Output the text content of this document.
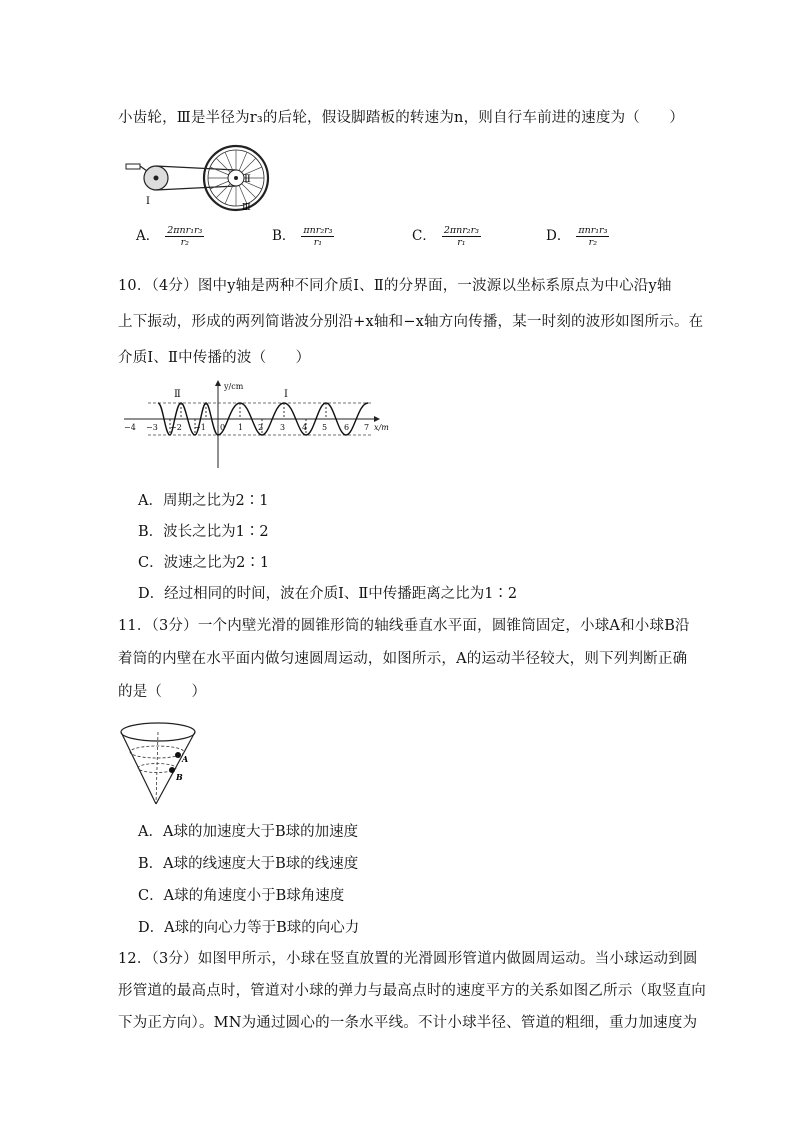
小齿轮，Ⅲ是半径为r₃的后轮，假设脚踏板的转速为n，则自行车前进的速度为（　　）
Ⅱ
Ⅰ
Ⅲ
A． $\frac{\text{2πnr₁r₃}}{\text{r₂}}$	B． $\frac{\text{πnr₂r₃}}{\text{r₁}}$	C． $\frac{\text{2πnr₂r₃}}{\text{r₁}}$	D． $\frac{\text{πnr₁r₃}}{\text{r₂}}$
10．（4分）图中y轴是两种不同介质Ⅰ、Ⅱ的分界面，一波源以坐标系原点为中心沿y轴
上下振动，形成的两列简谐波分别沿+x轴和−x轴方向传播，某一时刻的波形如图所示。在
介质Ⅰ、Ⅱ中传播的波（　　）
y/cm
x/m
Ⅱ	Ⅰ
−4 −3 −2 −1 0 1 2 3 4 5 6 7
A．周期之比为2∶1
B．波长之比为1∶2
C．波速之比为2∶1
D．经过相同的时间，波在介质Ⅰ、Ⅱ中传播距离之比为1∶2
11．（3分）一个内壁光滑的圆锥形筒的轴线垂直水平面，圆锥筒固定，小球A和小球B沿
着筒的内壁在水平面内做匀速圆周运动，如图所示，A的运动半径较大，则下列判断正确
的是（　　）
A
B
A．A球的加速度大于B球的加速度
B．A球的线速度大于B球的线速度
C．A球的角速度小于B球角速度
D．A球的向心力等于B球的向心力
12．（3分）如图甲所示，小球在竖直放置的光滑圆形管道内做圆周运动。当小球运动到圆
形管道的最高点时，管道对小球的弹力与最高点时的速度平方的关系如图乙所示（取竖直向
下为正方向）。MN为通过圆心的一条水平线。不计小球半径、管道的粗细，重力加速度为
